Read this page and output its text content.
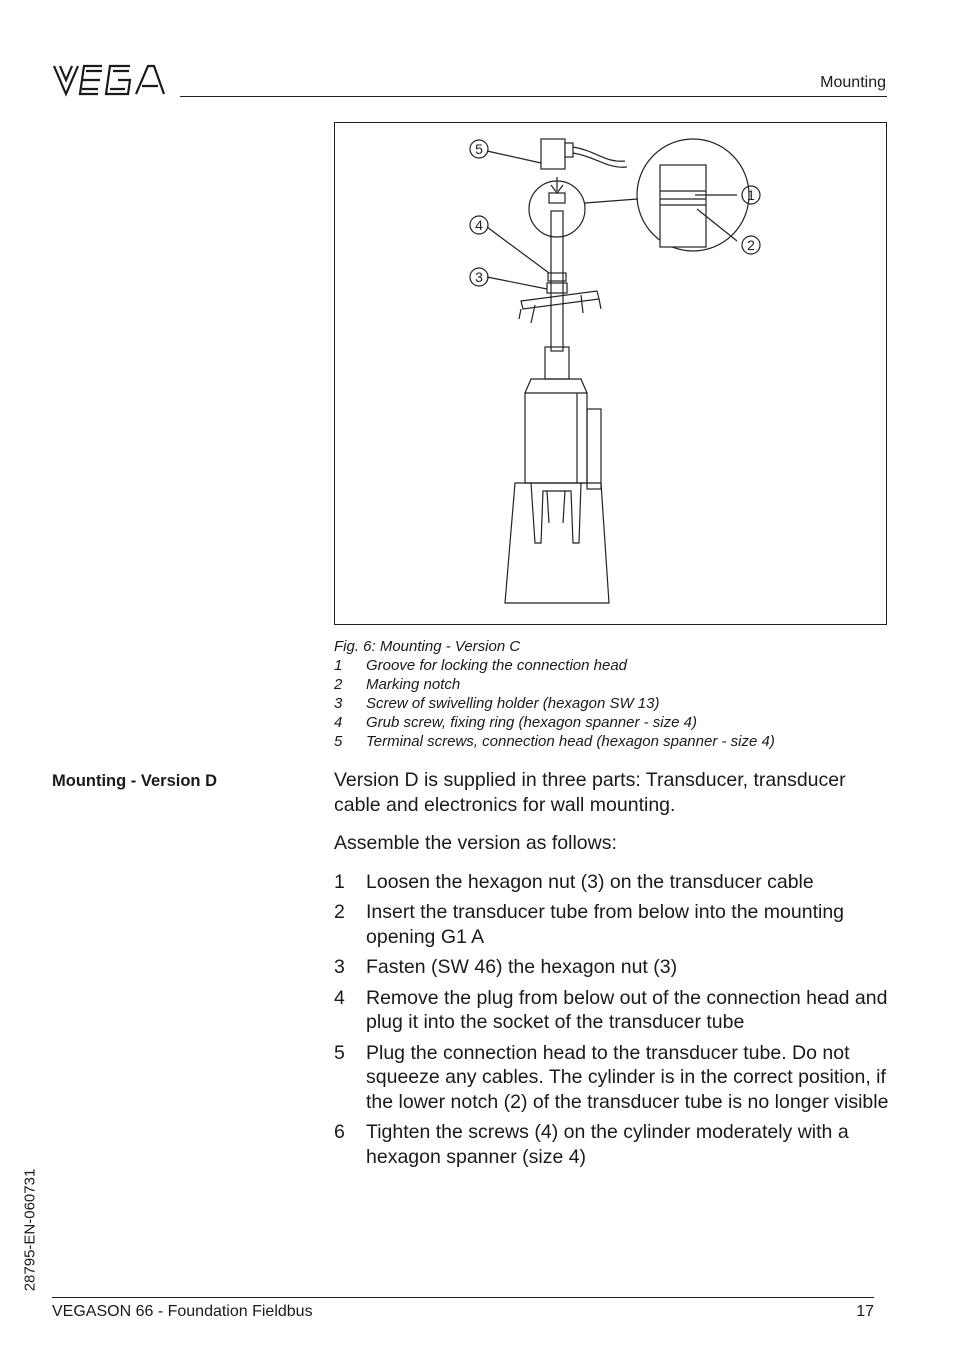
Mounting
5
4
3
1
2
Fig. 6: Mounting - Version C
1	Groove for locking the connection head
2	Marking notch
3	Screw of swivelling holder (hexagon SW 13)
4	Grub screw, fixing ring (hexagon spanner - size 4)
5	Terminal screws, connection head (hexagon spanner - size 4)
Mounting - Version D	Version D is supplied in three parts: Transducer, transducer cable and electronics for wall mounting.

Assemble the version as follows:

1	Loosen the hexagon nut (3) on the transducer cable
2	Insert the transducer tube from below into the mounting opening G1 A
3	Fasten (SW 46) the hexagon nut (3)
4	Remove the plug from below out of the connection head and plug it into the socket of the transducer tube
5	Plug the connection head to the transducer tube. Do not squeeze any cables. The cylinder is in the correct position, if the lower notch (2) of the transducer tube is no longer visible
6	Tighten the screws (4) on the cylinder moderately with a hexagon spanner (size 4)
28795-EN-060731
VEGASON 66 - Foundation Fieldbus	17
